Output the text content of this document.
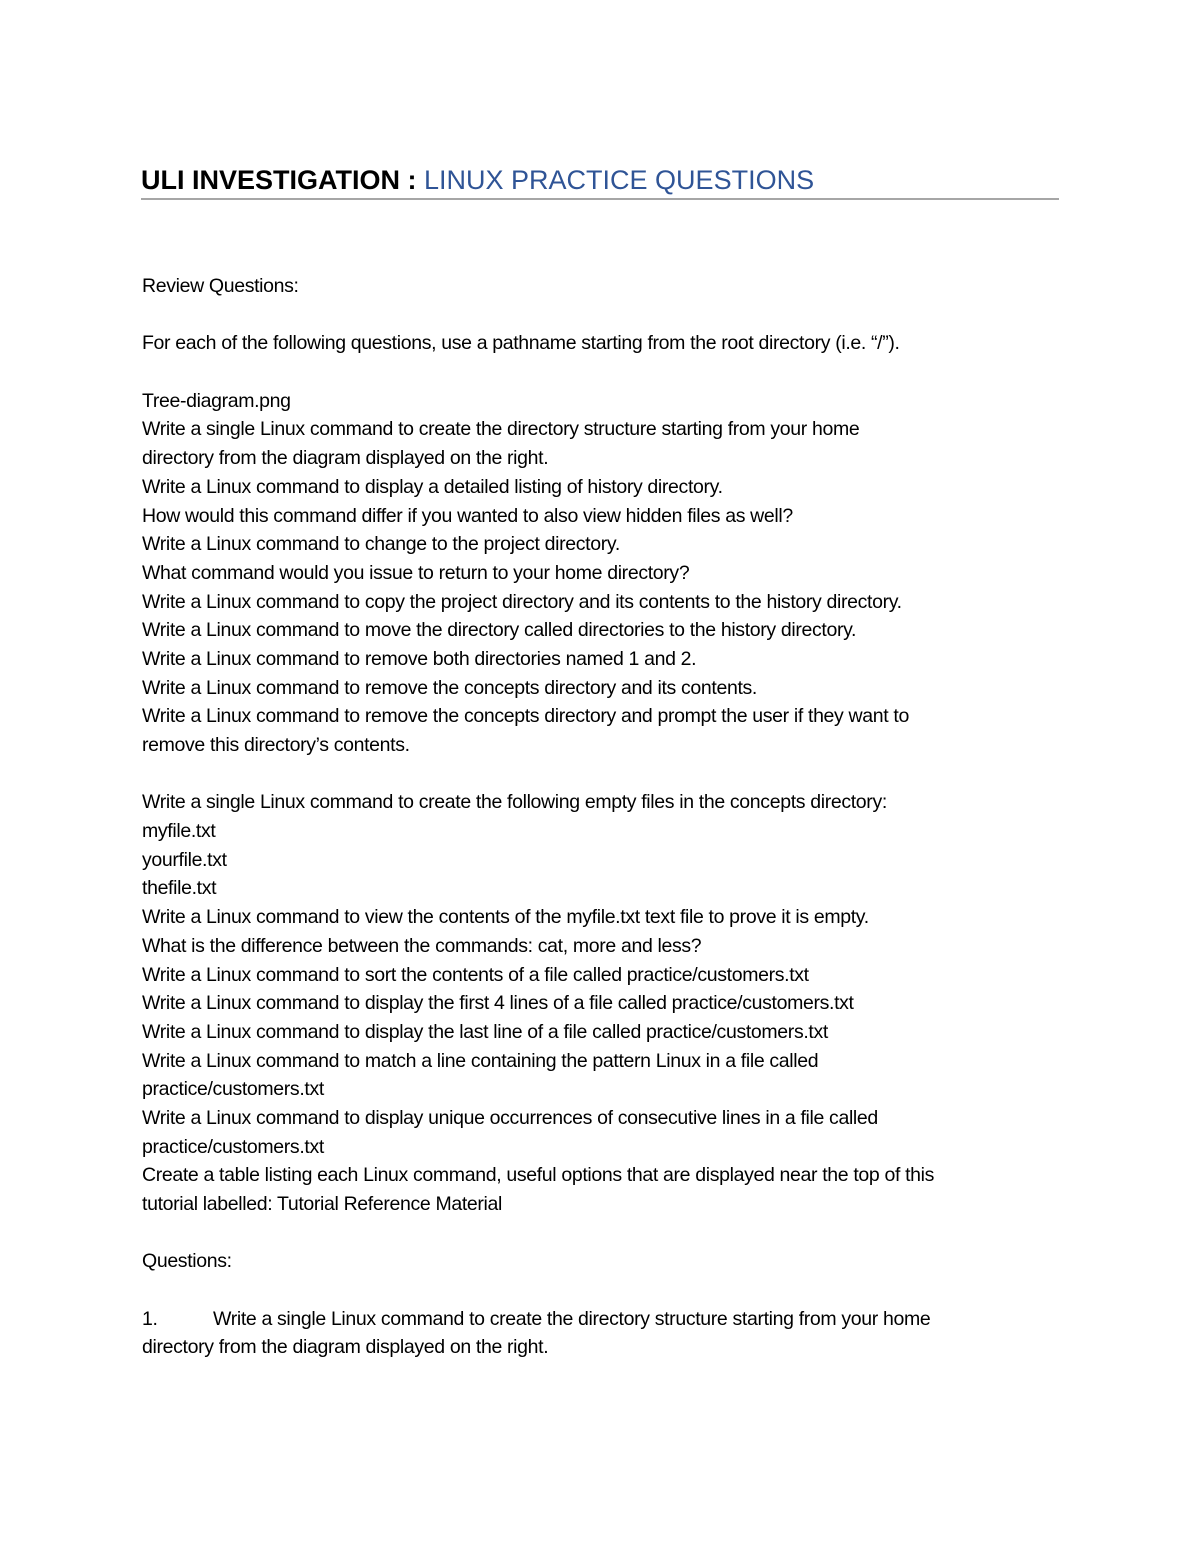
ULI INVESTIGATION : LINUX PRACTICE QUESTIONS
Review Questions:
For each of the following questions, use a pathname starting from the root directory (i.e. “/”).
Tree-diagram.png
Write a single Linux command to create the directory structure starting from your home
directory from the diagram displayed on the right.
Write a Linux command to display a detailed listing of history directory.
How would this command differ if you wanted to also view hidden files as well?
Write a Linux command to change to the project directory.
What command would you issue to return to your home directory?
Write a Linux command to copy the project directory and its contents to the history directory.
Write a Linux command to move the directory called directories to the history directory.
Write a Linux command to remove both directories named 1 and 2.
Write a Linux command to remove the concepts directory and its contents.
Write a Linux command to remove the concepts directory and prompt the user if they want to
remove this directory’s contents.
Write a single Linux command to create the following empty files in the concepts directory:
myfile.txt
yourfile.txt
thefile.txt
Write a Linux command to view the contents of the myfile.txt text file to prove it is empty.
What is the difference between the commands: cat, more and less?
Write a Linux command to sort the contents of a file called practice/customers.txt
Write a Linux command to display the first 4 lines of a file called practice/customers.txt
Write a Linux command to display the last line of a file called practice/customers.txt
Write a Linux command to match a line containing the pattern Linux in a file called
practice/customers.txt
Write a Linux command to display unique occurrences of consecutive lines in a file called
practice/customers.txt
Create a table listing each Linux command, useful options that are displayed near the top of this
tutorial labelled: Tutorial Reference Material
Questions:
1.	Write a single Linux command to create the directory structure starting from your home
directory from the diagram displayed on the right.
